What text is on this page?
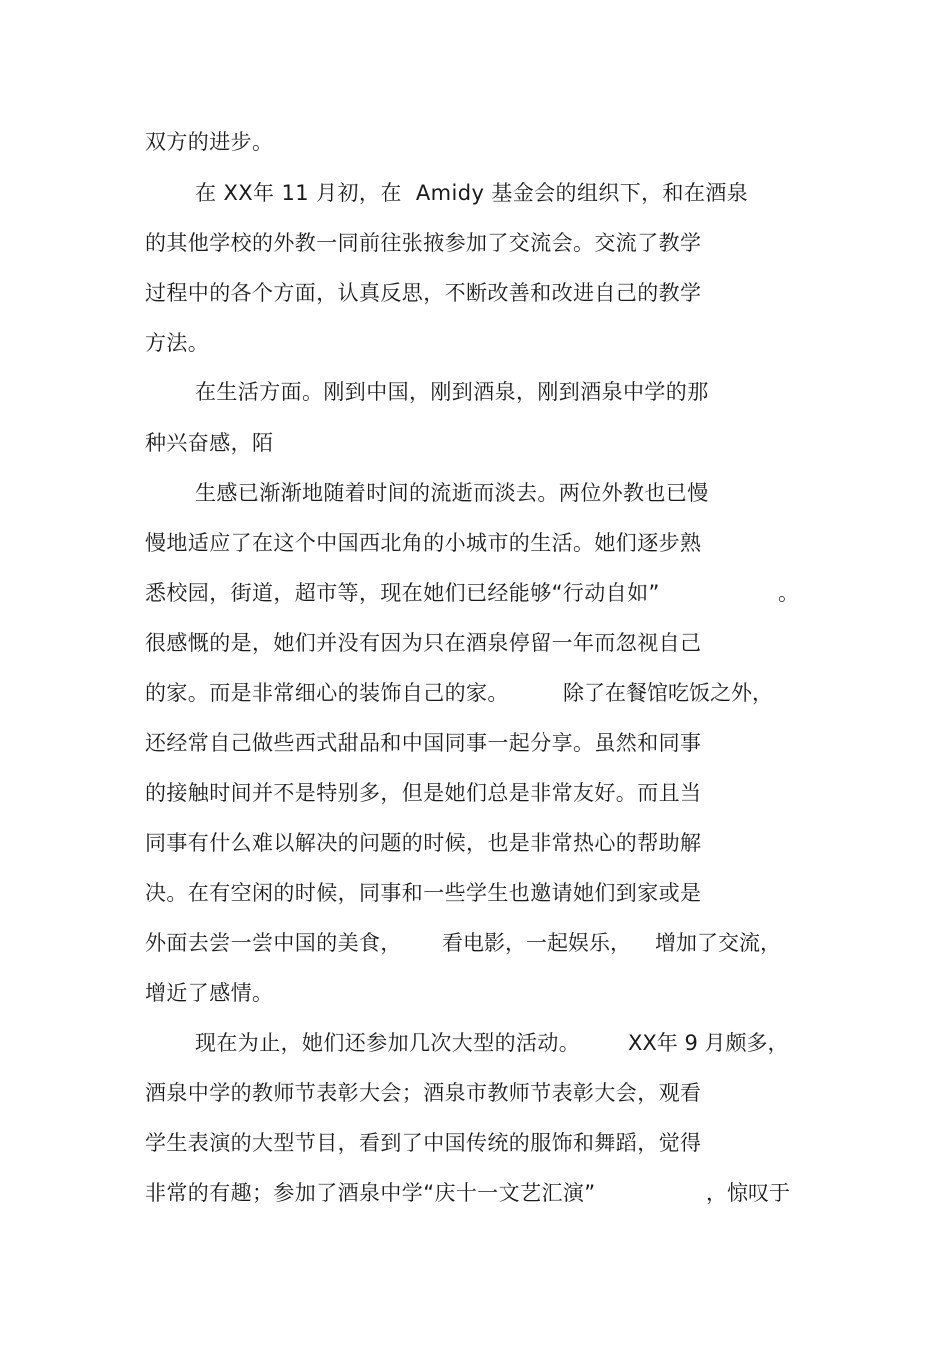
双方的进步。
在 XX年 11 月初，在  Amidy 基金会的组织下，和在酒泉
的其他学校的外教一同前往张掖参加了交流会。交流了教学
过程中的各个方面，认真反思，不断改善和改进自己的教学
方法。
在生活方面。刚到中国，刚到酒泉，刚到酒泉中学的那
种兴奋感，陌
生感已渐渐地随着时间的流逝而淡去。两位外教也已慢
慢地适应了在这个中国西北角的小城市的生活。她们逐步熟
悉校园，街道，超市等，现在她们已经能够“行动自如”	。
很感慨的是，她们并没有因为只在酒泉停留一年而忽视自己
的家。而是非常细心的装饰自己的家。	除了在餐馆吃饭之外，
还经常自己做些西式甜品和中国同事一起分享。虽然和同事
的接触时间并不是特别多，但是她们总是非常友好。而且当
同事有什么难以解决的问题的时候，也是非常热心的帮助解
决。在有空闲的时候，同事和一些学生也邀请她们到家或是
外面去尝一尝中国的美食， 看电影，一起娱乐， 增加了交流，
增近了感情。
现在为止，她们还参加几次大型的活动。 XX年 9 月颇多，
酒泉中学的教师节表彰大会；酒泉市教师节表彰大会，观看
学生表演的大型节目，看到了中国传统的服饰和舞蹈，觉得
非常的有趣；参加了酒泉中学“庆十一文艺汇演”	，惊叹于
